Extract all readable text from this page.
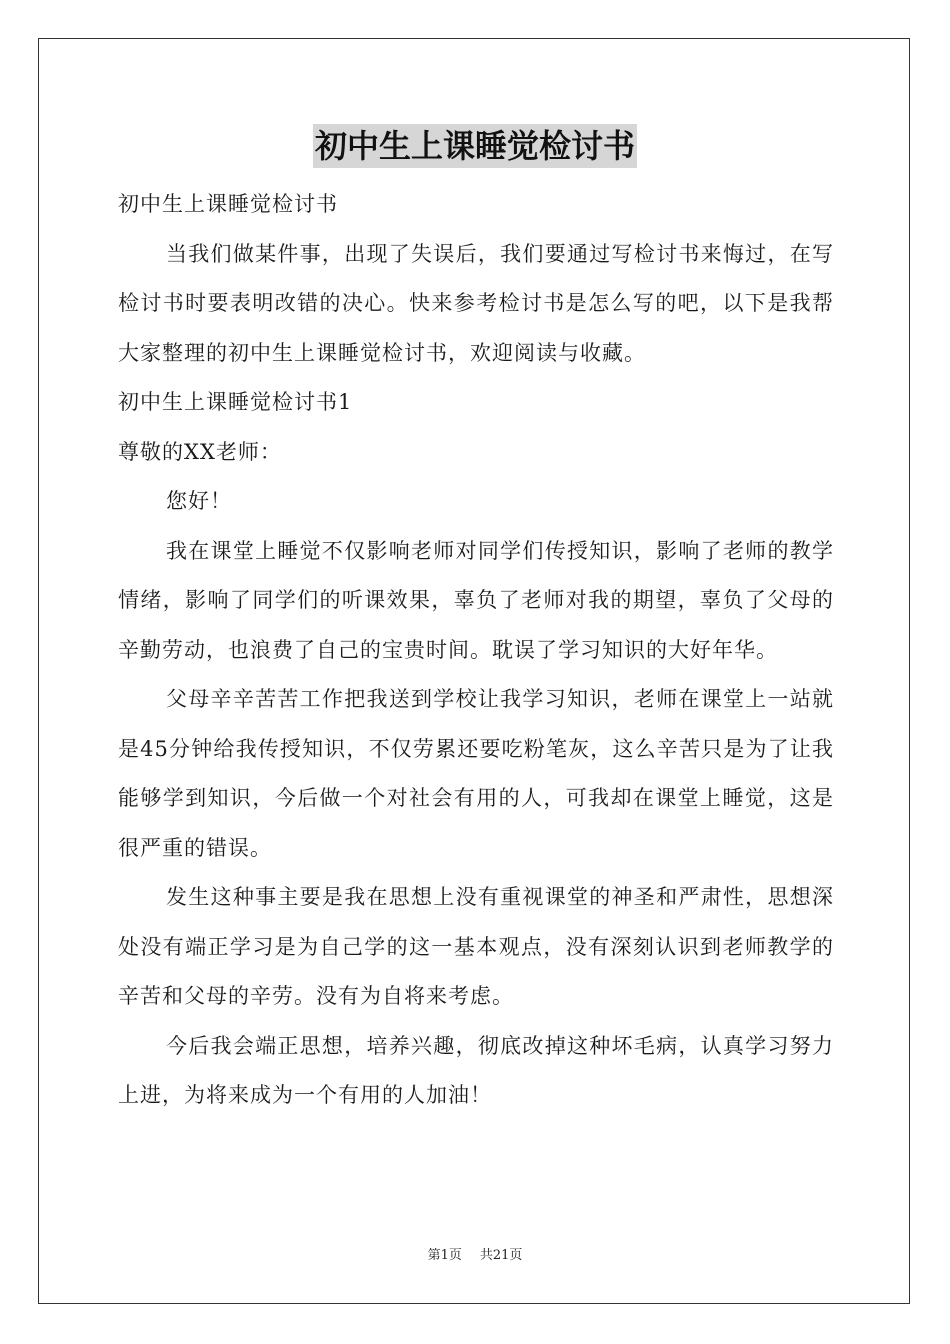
初中生上课睡觉检讨书

初中生上课睡觉检讨书

当我们做某件事，出现了失误后，我们要通过写检讨书来悔过，在写检讨书时要表明改错的决心。快来参考检讨书是怎么写的吧，以下是我帮大家整理的初中生上课睡觉检讨书，欢迎阅读与收藏。

初中生上课睡觉检讨书1

尊敬的XX老师：

您好！

我在课堂上睡觉不仅影响老师对同学们传授知识，影响了老师的教学情绪，影响了同学们的听课效果，辜负了老师对我的期望，辜负了父母的辛勤劳动，也浪费了自己的宝贵时间。耽误了学习知识的大好年华。

父母辛辛苦苦工作把我送到学校让我学习知识，老师在课堂上一站就是45分钟给我传授知识，不仅劳累还要吃粉笔灰，这么辛苦只是为了让我能够学到知识，今后做一个对社会有用的人，可我却在课堂上睡觉，这是很严重的错误。

发生这种事主要是我在思想上没有重视课堂的神圣和严肃性，思想深处没有端正学习是为自己学的这一基本观点，没有深刻认识到老师教学的辛苦和父母的辛劳。没有为自将来考虑。

今后我会端正思想，培养兴趣，彻底改掉这种坏毛病，认真学习努力上进，为将来成为一个有用的人加油！

第1页 共21页
